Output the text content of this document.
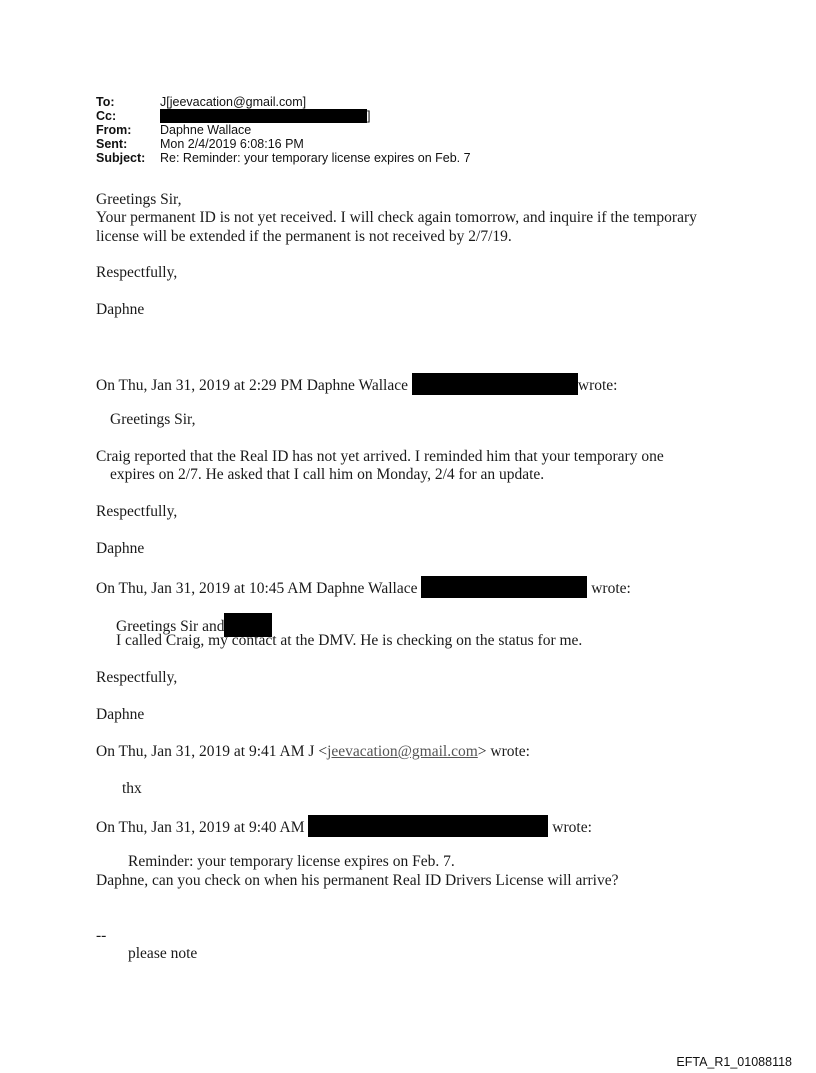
To:	J[jeevacation@gmail.com]
Cc:	]
From:	Daphne Wallace
Sent:	Mon 2/4/2019 6:08:16 PM
Subject:	Re: Reminder: your temporary license expires on Feb. 7
Greetings Sir,
Your permanent ID is not yet received. I will check again tomorrow, and inquire if the temporary
license will be extended if the permanent is not received by 2/7/19.
Respectfully,
Daphne
On Thu, Jan 31, 2019 at 2:29 PM Daphne Wallace	wrote:
Greetings Sir,
Craig reported that the Real ID has not yet arrived. I reminded him that your temporary one
expires on 2/7. He asked that I call him on Monday, 2/4 for an update.
Respectfully,
Daphne
On Thu, Jan 31, 2019 at 10:45 AM Daphne Wallace	wrote:
Greetings Sir and
I called Craig, my contact at the DMV. He is checking on the status for me.
Respectfully,
Daphne
On Thu, Jan 31, 2019 at 9:41 AM J <jeevacation@gmail.com> wrote:
thx
On Thu, Jan 31, 2019 at 9:40 AM	wrote:
Reminder: your temporary license expires on Feb. 7.
Daphne, can you check on when his permanent Real ID Drivers License will arrive?
--
please note
EFTA_R1_01088118
